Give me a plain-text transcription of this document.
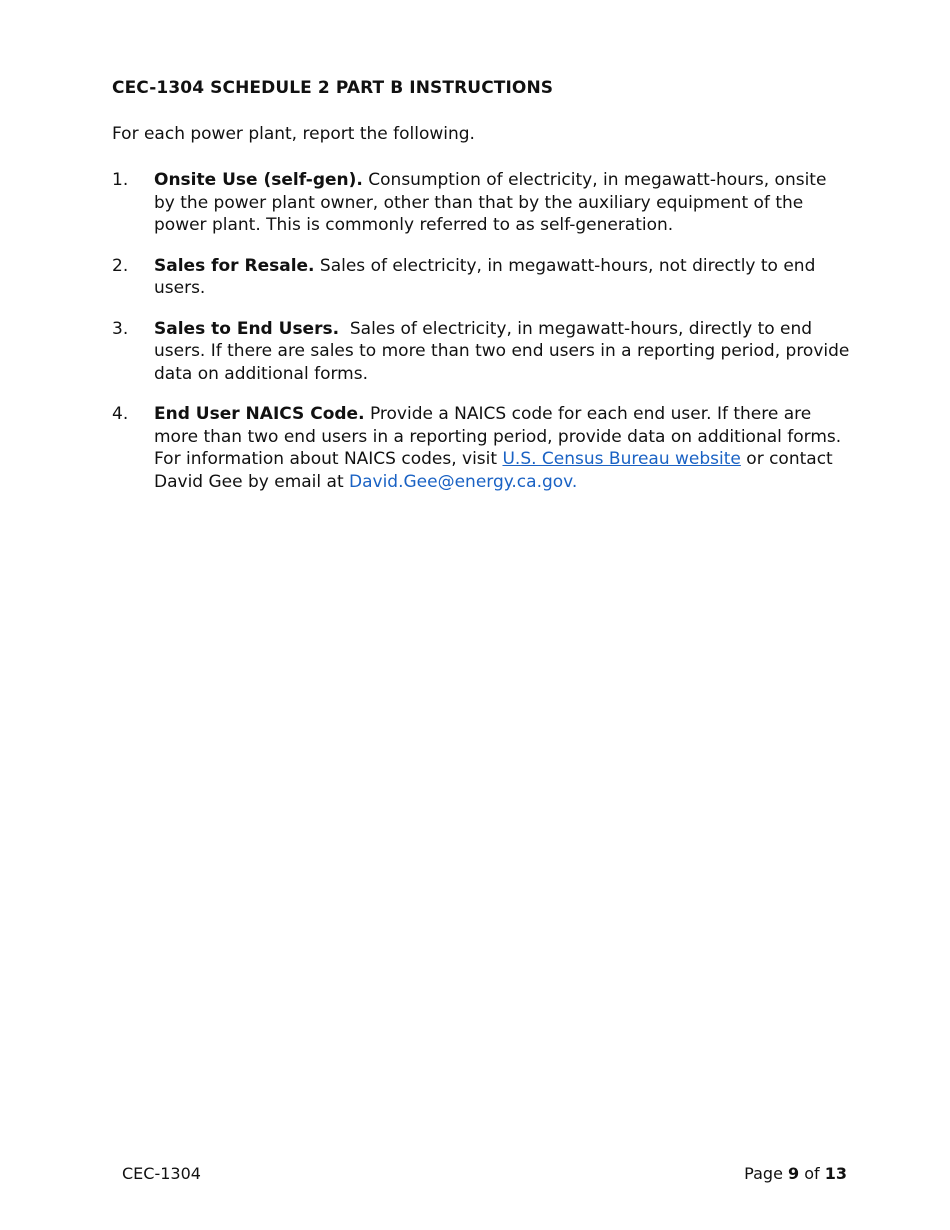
CEC-1304 SCHEDULE 2 PART B INSTRUCTIONS

For each power plant, report the following.

1. Onsite Use (self-gen). Consumption of electricity, in megawatt-hours, onsite by the power plant owner, other than that by the auxiliary equipment of the power plant. This is commonly referred to as self-generation.
2. Sales for Resale. Sales of electricity, in megawatt-hours, not directly to end users.
3. Sales to End Users.  Sales of electricity, in megawatt-hours, directly to end users. If there are sales to more than two end users in a reporting period, provide data on additional forms.
4. End User NAICS Code. Provide a NAICS code for each end user. If there are more than two end users in a reporting period, provide data on additional forms. For information about NAICS codes, visit U.S. Census Bureau website or contact David Gee by email at David.Gee@energy.ca.gov.
CEC-1304	Page 9 of 13
